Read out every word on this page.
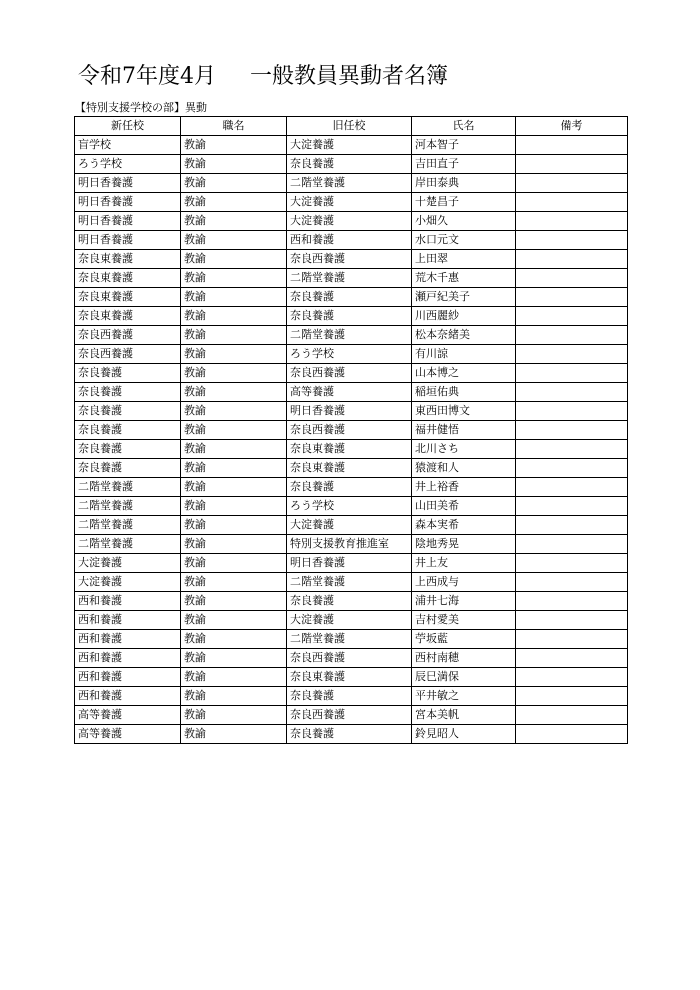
令和7年度4月 一般教員異動者名簿
【特別支援学校の部】異動
新任校	職名	旧任校	氏名	備考
盲学校	教諭	大淀養護	河本智子	
ろう学校	教諭	奈良養護	吉田直子	
明日香養護	教諭	二階堂養護	岸田泰典	
明日香養護	教諭	大淀養護	十楚昌子	
明日香養護	教諭	大淀養護	小畑久	
明日香養護	教諭	西和養護	水口元文	
奈良東養護	教諭	奈良西養護	上田翠	
奈良東養護	教諭	二階堂養護	荒木千惠	
奈良東養護	教諭	奈良養護	瀬戸紀美子	
奈良東養護	教諭	奈良養護	川西麗紗	
奈良西養護	教諭	二階堂養護	松本奈緒美	
奈良西養護	教諭	ろう学校	有川諒	
奈良養護	教諭	奈良西養護	山本博之	
奈良養護	教諭	高等養護	稲垣佑典	
奈良養護	教諭	明日香養護	東西田博文	
奈良養護	教諭	奈良西養護	福井健悟	
奈良養護	教諭	奈良東養護	北川さち	
奈良養護	教諭	奈良東養護	猿渡和人	
二階堂養護	教諭	奈良養護	井上裕香	
二階堂養護	教諭	ろう学校	山田美希	
二階堂養護	教諭	大淀養護	森本実希	
二階堂養護	教諭	特別支援教育推進室	陰地秀晃	
大淀養護	教諭	明日香養護	井上友	
大淀養護	教諭	二階堂養護	上西成与	
西和養護	教諭	奈良養護	浦井七海	
西和養護	教諭	大淀養護	吉村愛美	
西和養護	教諭	二階堂養護	苧坂藍	
西和養護	教諭	奈良西養護	西村南穂	
西和養護	教諭	奈良東養護	辰巳満保	
西和養護	教諭	奈良養護	平井敏之	
高等養護	教諭	奈良西養護	宮本美帆	
高等養護	教諭	奈良養護	鈴見昭人	
